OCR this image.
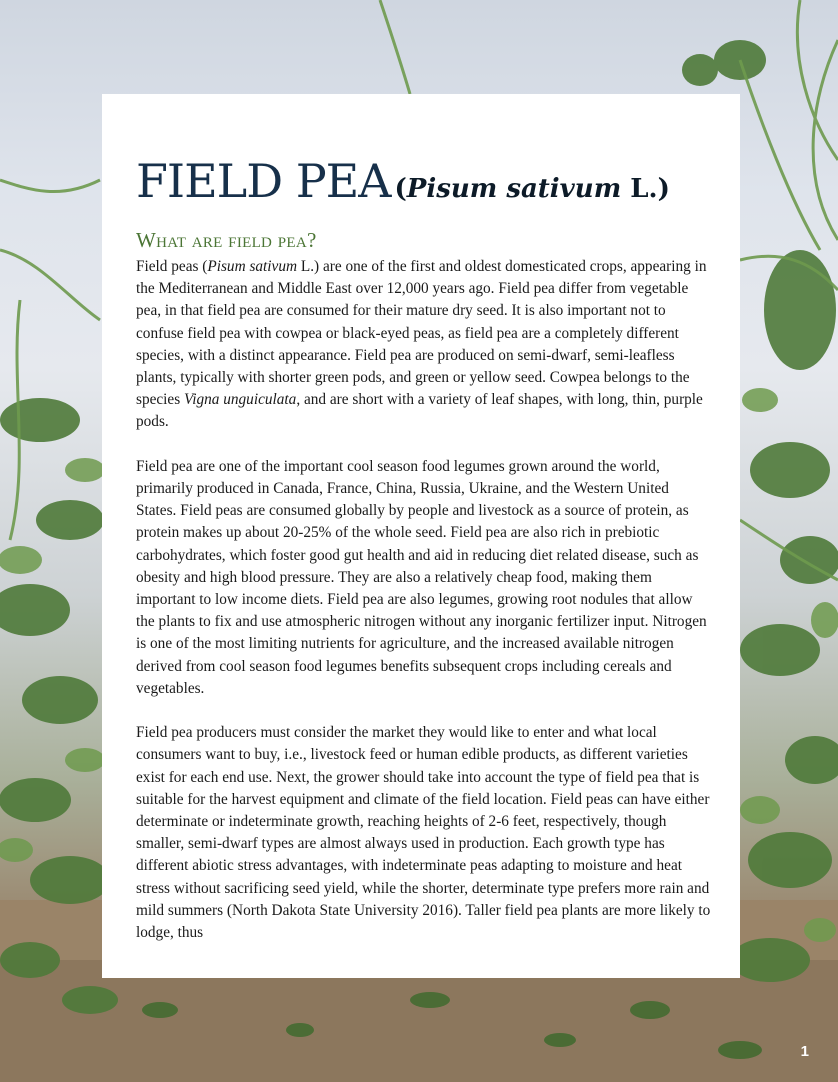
FIELD PEA (Pisum sativum L.)
What are field pea?

Field peas (Pisum sativum L.) are one of the first and oldest domesticated crops, appearing in the Mediterranean and Middle East over 12,000 years ago. Field pea differ from vegetable pea, in that field pea are consumed for their mature dry seed. It is also important not to confuse field pea with cowpea or black-eyed peas, as field pea are a completely different species, with a distinct appearance. Field pea are produced on semi-dwarf, semi-leafless plants, typically with shorter green pods, and green or yellow seed. Cowpea belongs to the species Vigna unguiculata, and are short with a variety of leaf shapes, with long, thin, purple pods.

Field pea are one of the important cool season food legumes grown around the world, primarily produced in Canada, France, China, Russia, Ukraine, and the Western United States. Field peas are consumed globally by people and livestock as a source of protein, as protein makes up about 20-25% of the whole seed. Field pea are also rich in prebiotic carbohydrates, which foster good gut health and aid in reducing diet related disease, such as obesity and high blood pressure. They are also a relatively cheap food, making them important to low income diets. Field pea are also legumes, growing root nodules that allow the plants to fix and use atmospheric nitrogen without any inorganic fertilizer input. Nitrogen is one of the most limiting nutrients for agriculture, and the increased available nitrogen derived from cool season food legumes benefits subsequent crops including cereals and vegetables.

Field pea producers must consider the market they would like to enter and what local consumers want to buy, i.e., livestock feed or human edible products, as different varieties exist for each end use. Next, the grower should take into account the type of field pea that is suitable for the harvest equipment and climate of the field location. Field peas can have either determinate or indeterminate growth, reaching heights of 2-6 feet, respectively, though smaller, semi-dwarf types are almost always used in production. Each growth type has different abiotic stress advantages, with indeterminate peas adapting to moisture and heat stress without sacrificing seed yield, while the shorter, determinate type prefers more rain and mild summers (North Dakota State University 2016). Taller field pea plants are more likely to lodge, thus

1
